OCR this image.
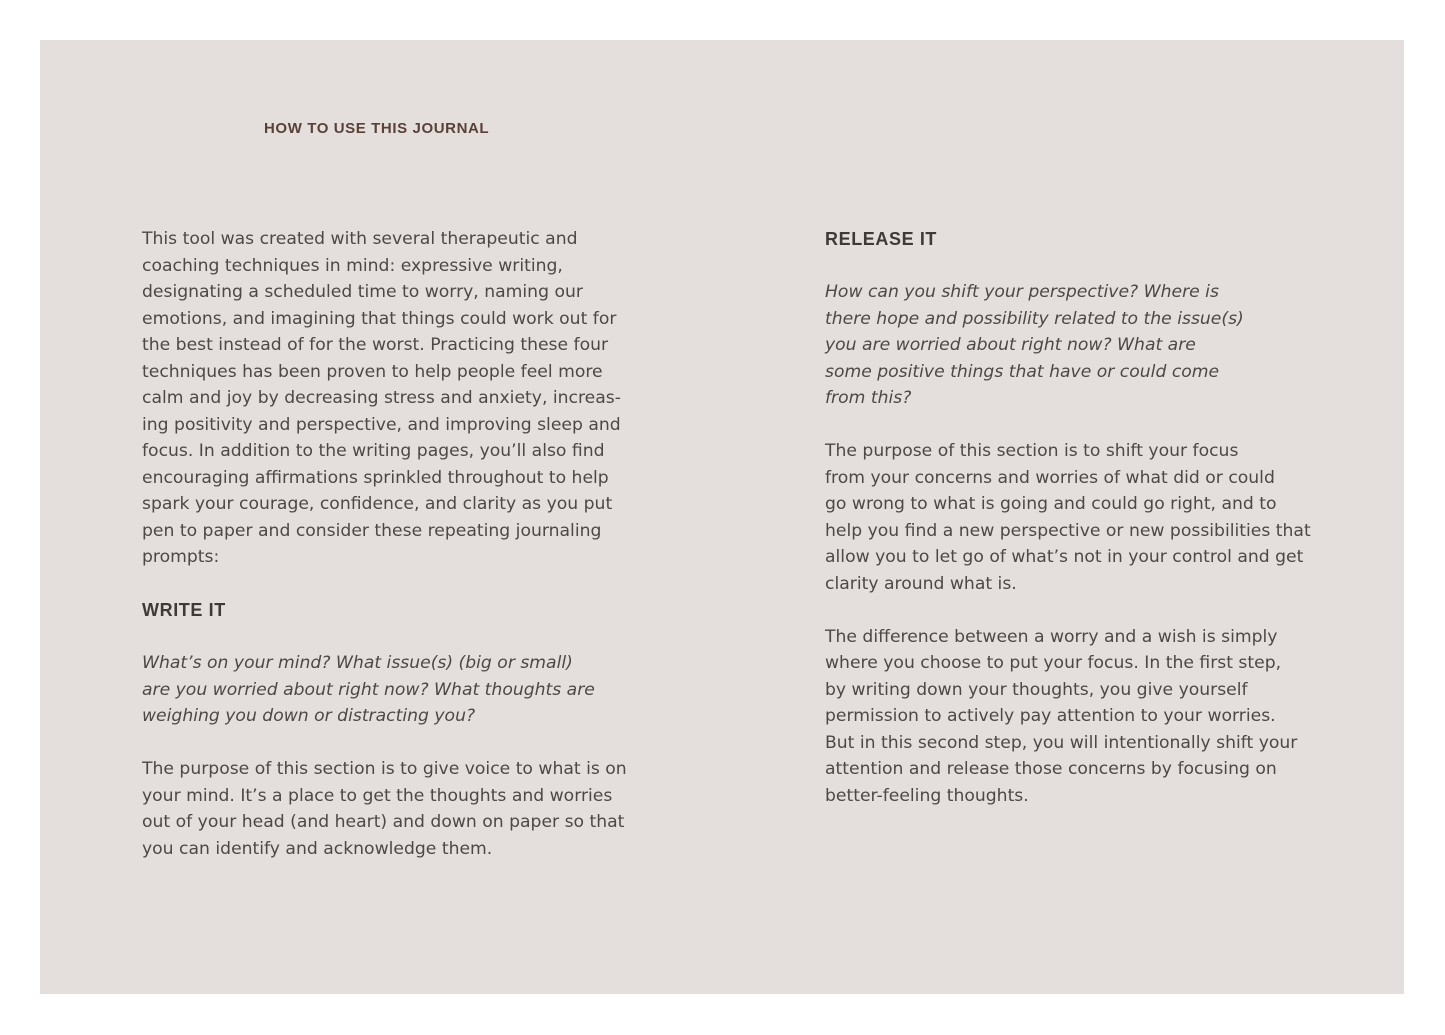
HOW TO USE THIS JOURNAL
This tool was created with several therapeutic and
coaching techniques in mind: expressive writing,
designating a scheduled time to worry, naming our
emotions, and imagining that things could work out for
the best instead of for the worst. Practicing these four
techniques has been proven to help people feel more
calm and joy by decreasing stress and anxiety, increas-
ing positivity and perspective, and improving sleep and
focus. In addition to the writing pages, you’ll also find
encouraging affirmations sprinkled throughout to help
spark your courage, confidence, and clarity as you put
pen to paper and consider these repeating journaling
prompts:
WRITE IT
What’s on your mind? What issue(s) (big or small)
are you worried about right now? What thoughts are
weighing you down or distracting you?
The purpose of this section is to give voice to what is on
your mind. It’s a place to get the thoughts and worries
out of your head (and heart) and down on paper so that
you can identify and acknowledge them.
RELEASE IT
How can you shift your perspective? Where is
there hope and possibility related to the issue(s)
you are worried about right now? What are
some positive things that have or could come
from this?
The purpose of this section is to shift your focus
from your concerns and worries of what did or could
go wrong to what is going and could go right, and to
help you find a new perspective or new possibilities that
allow you to let go of what’s not in your control and get
clarity around what is.
The difference between a worry and a wish is simply
where you choose to put your focus. In the first step,
by writing down your thoughts, you give yourself
permission to actively pay attention to your worries.
But in this second step, you will intentionally shift your
attention and release those concerns by focusing on
better-feeling thoughts.
